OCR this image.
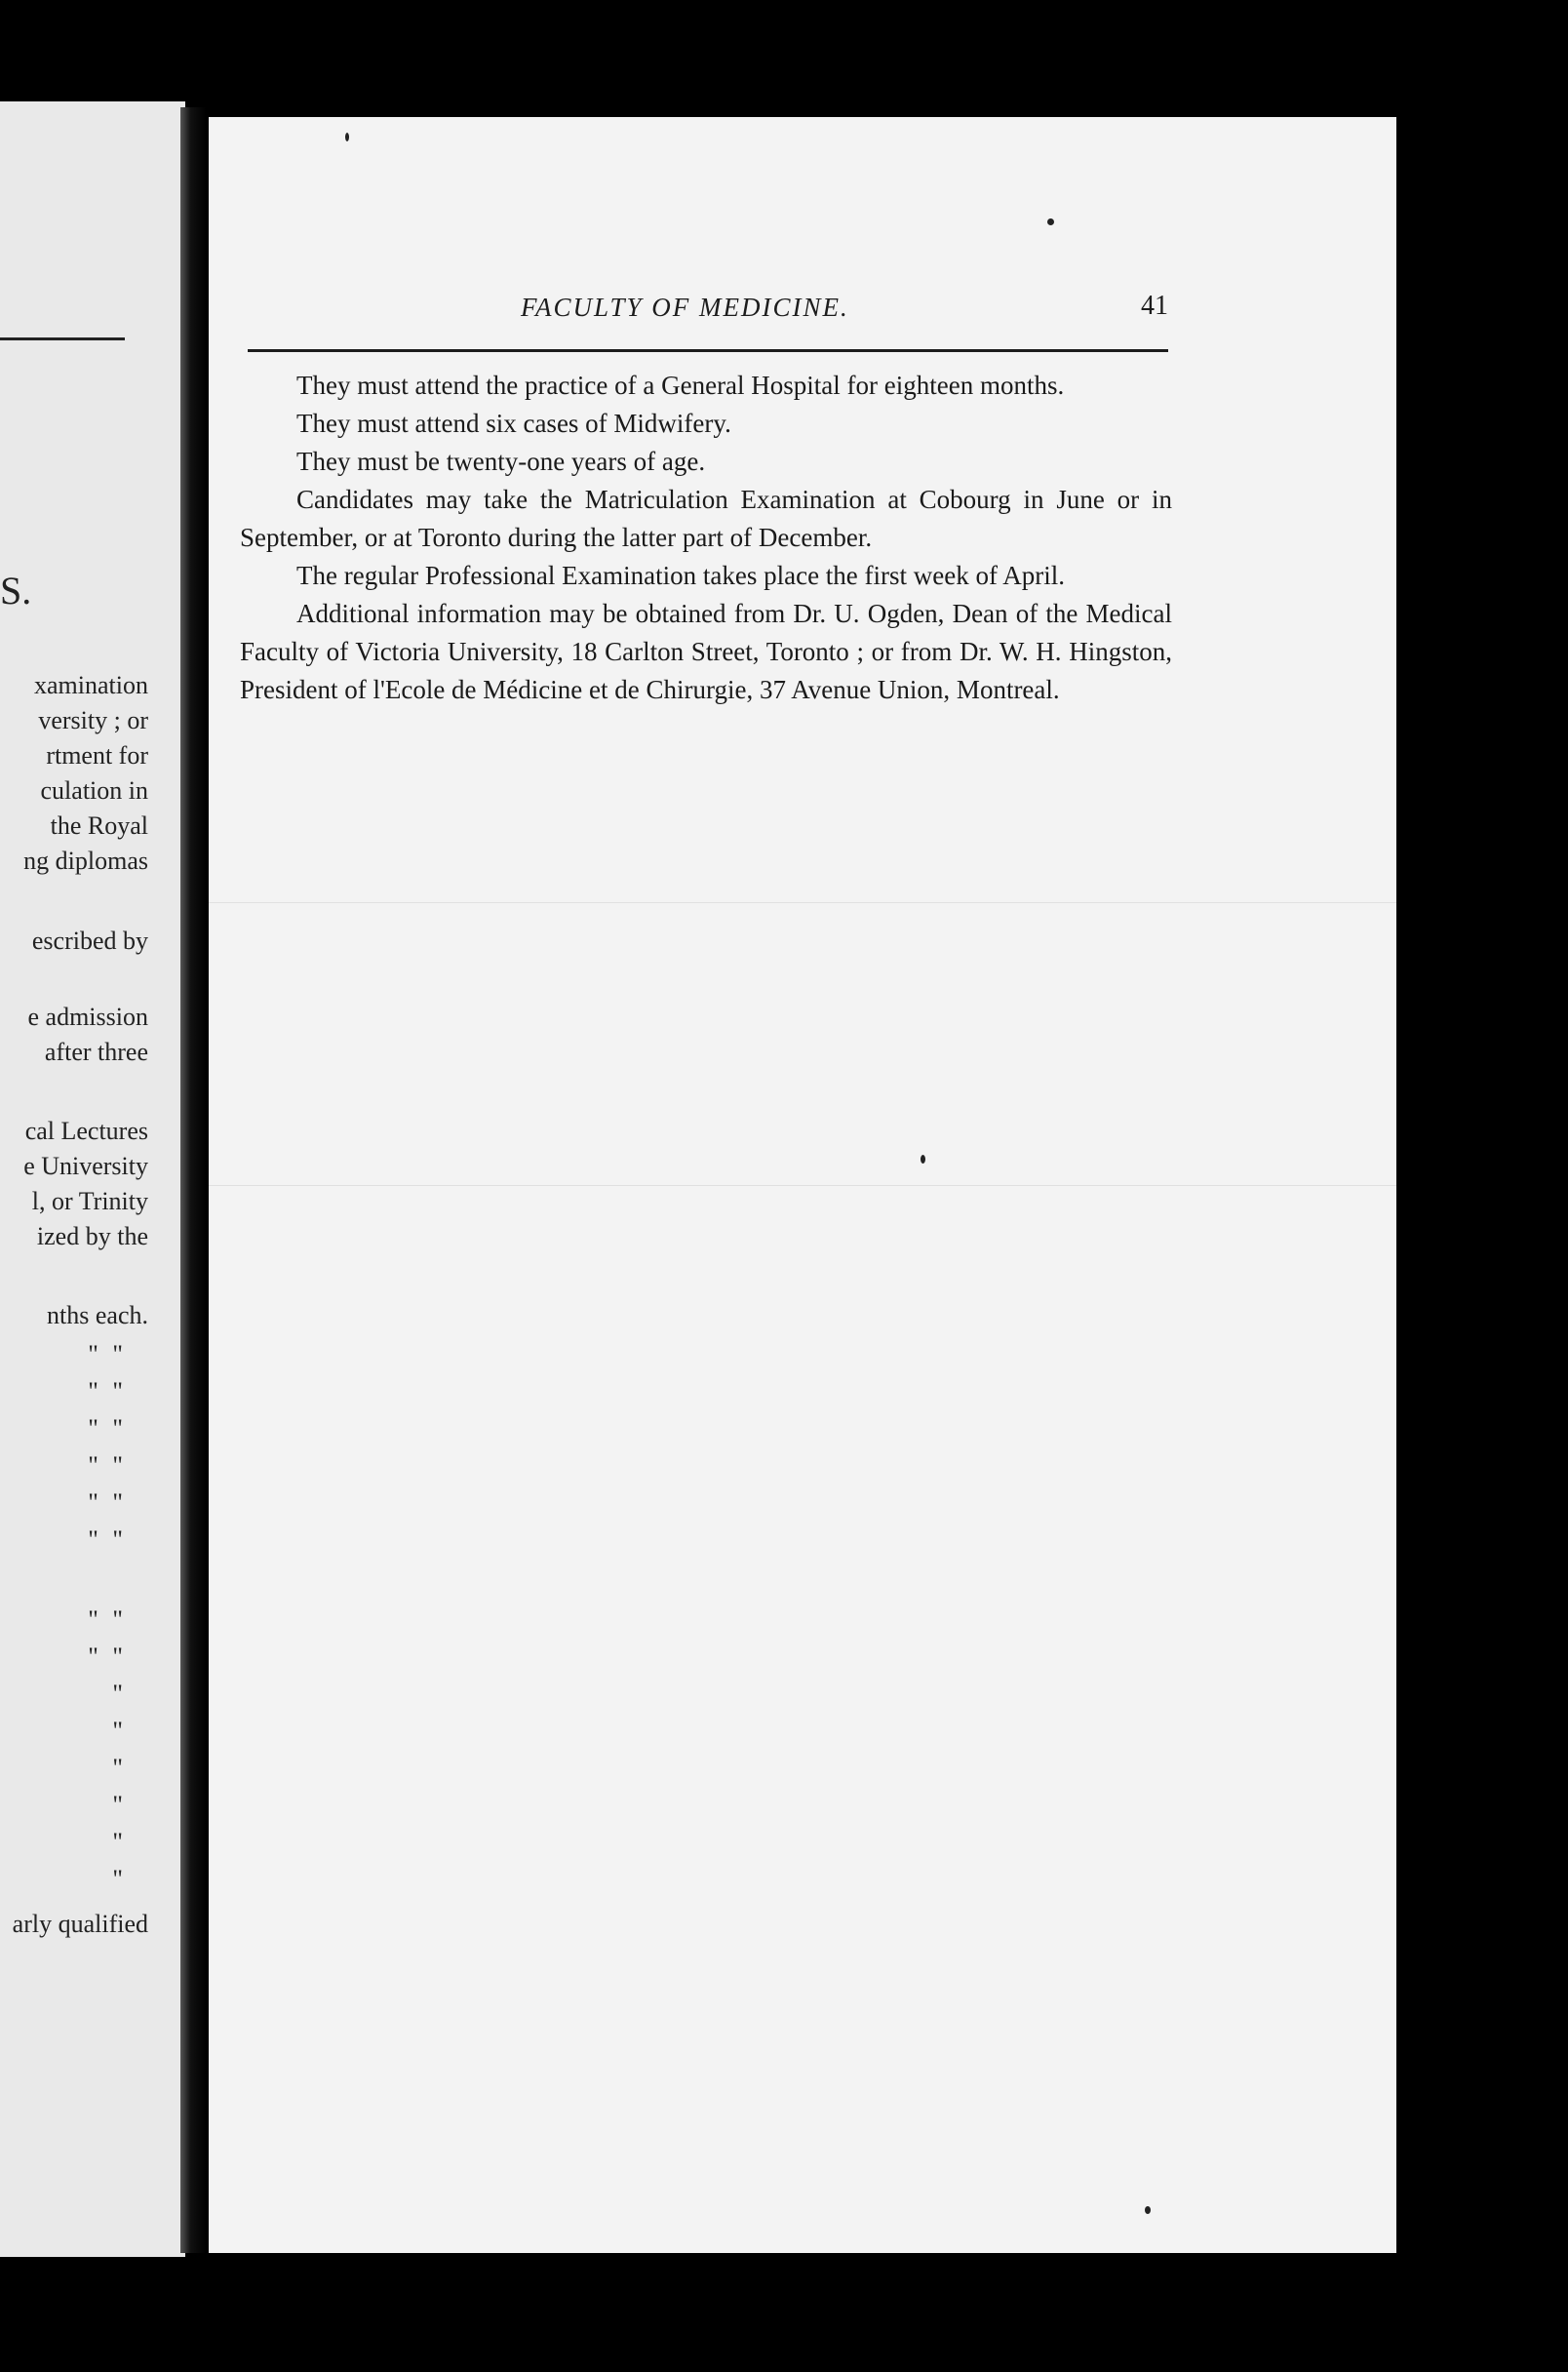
S.
xamination
versity ; or
rtment for
culation in
the Royal
ng diplomas
escribed by
e admission
after three
cal Lectures
e University
l, or Trinity
ized by the
nths each.
" "
" "
" "
" "
" "
" "
" "
" "
"
"
"
"
"
"
arly qualified
FACULTY OF MEDICINE.	41

They must attend the practice of a General Hospital for eighteen months.

They must attend six cases of Midwifery.

They must be twenty-one years of age.

Candidates may take the Matriculation Examination at Cobourg in June or in September, or at Toronto during the latter part of December.

The regular Professional Examination takes place the first week of April.

Additional information may be obtained from Dr. U. Ogden, Dean of the Medical Faculty of Victoria University, 18 Carlton Street, Toronto ; or from Dr. W. H. Hingston, President of l'Ecole de Médicine et de Chirurgie, 37 Avenue Union, Montreal.
